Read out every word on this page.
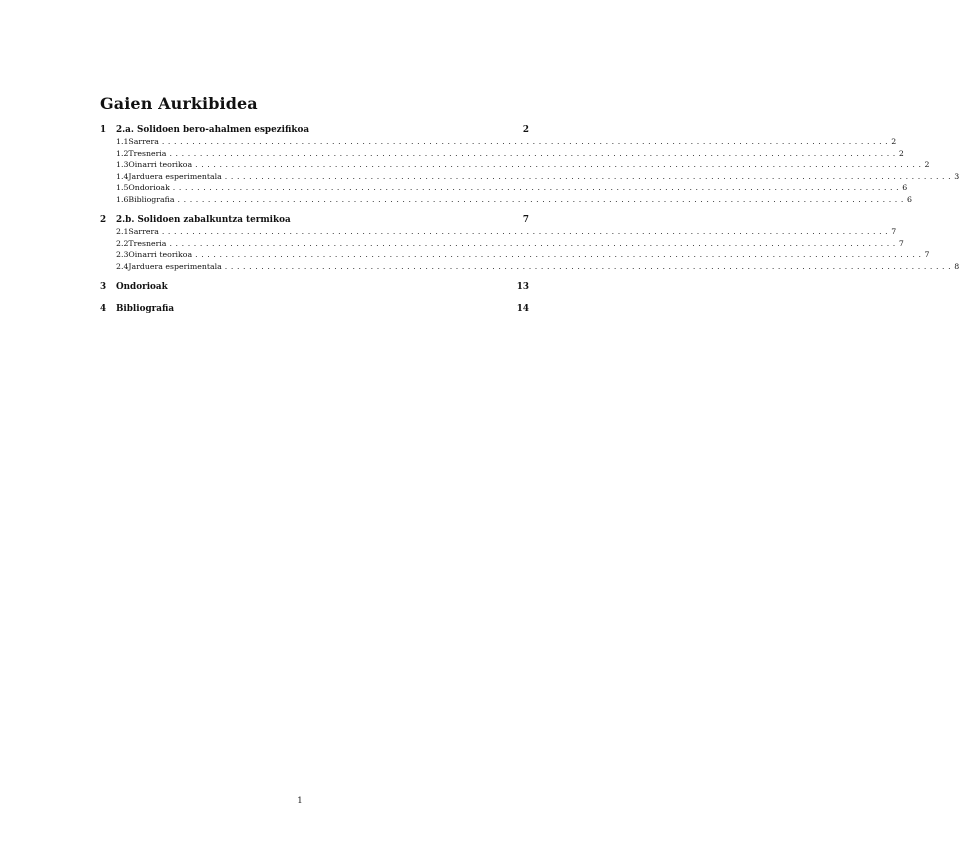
Gaien Aurkibidea
1	2.a. Solidoen bero-ahalmen espezifikoa	2
1.1 Sarrera ........................................................................................................................ 2
1.2 Tresneria ........................................................................................................................ 2
1.3 Oinarri teorikoa ........................................................................................................................ 2
1.4 Jarduera esperimentala ........................................................................................................................ 3
1.5 Ondorioak ........................................................................................................................ 6
1.6 Bibliografia ........................................................................................................................ 6
2	2.b. Solidoen zabalkuntza termikoa	7
2.1 Sarrera ........................................................................................................................ 7
2.2 Tresneria ........................................................................................................................ 7
2.3 Oinarri teorikoa ........................................................................................................................ 7
2.4 Jarduera esperimentala ........................................................................................................................ 8
3	Ondorioak	13
4	Bibliografia	14
1
